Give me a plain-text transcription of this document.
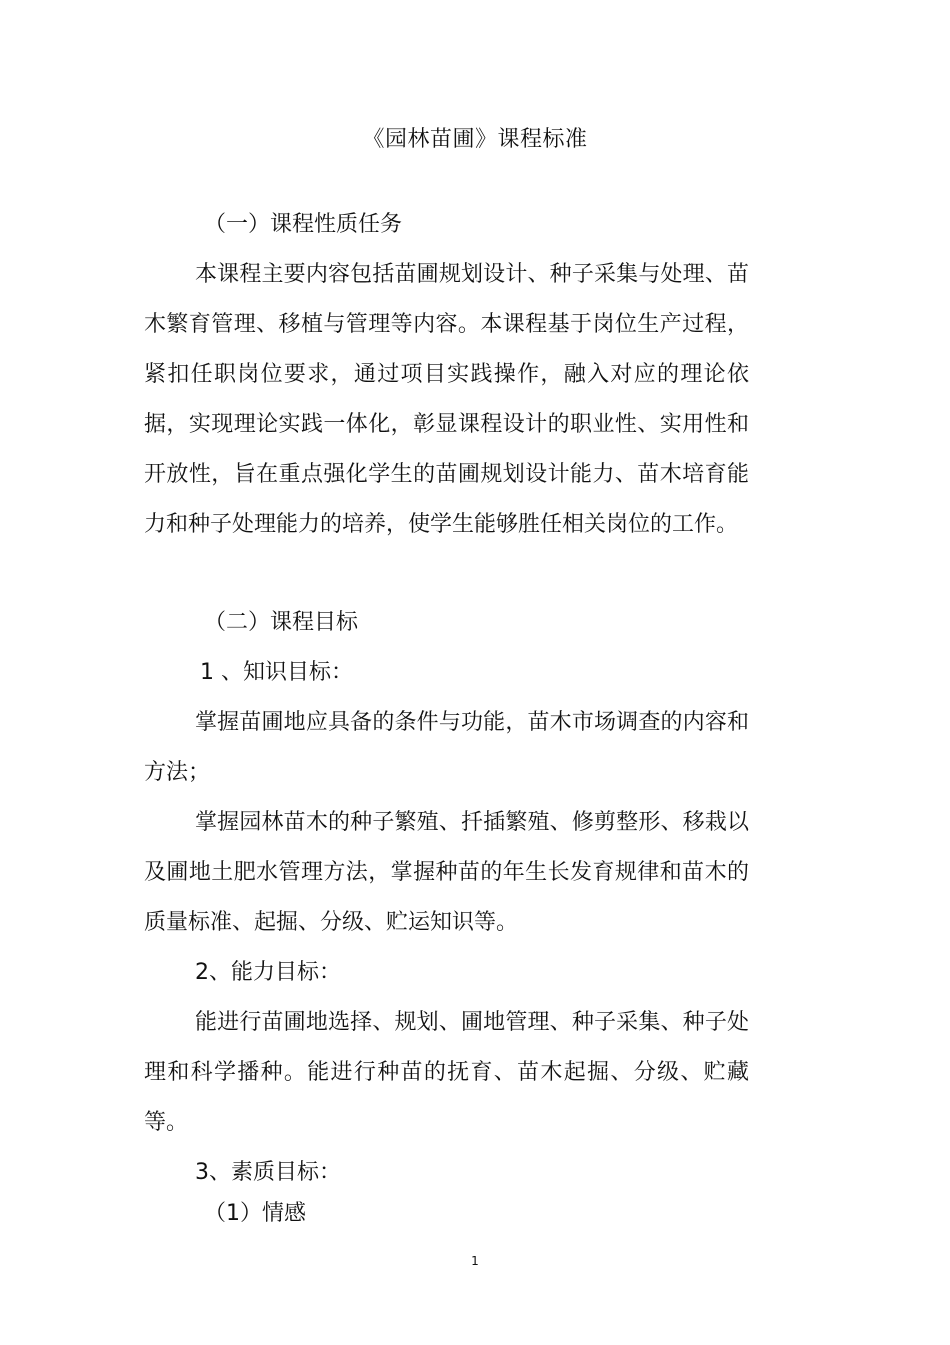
《园林苗圃》课程标准
（一）课程性质任务

本课程主要内容包括苗圃规划设计、种子采集与处理、苗木繁育管理、移植与管理等内容。本课程基于岗位生产过程，紧扣任职岗位要求，通过项目实践操作，融入对应的理论依据，实现理论实践一体化，彰显课程设计的职业性、实用性和开放性，旨在重点强化学生的苗圃规划设计能力、苗木培育能力和种子处理能力的培养，使学生能够胜任相关岗位的工作。

（二）课程目标
1 、知识目标：

掌握苗圃地应具备的条件与功能，苗木市场调查的内容和方法；

掌握园林苗木的种子繁殖、扦插繁殖、修剪整形、移栽以及圃地土肥水管理方法，掌握种苗的年生长发育规律和苗木的质量标准、起掘、分级、贮运知识等。

2、能力目标：

能进行苗圃地选择、规划、圃地管理、种子采集、种子处理和科学播种。能进行种苗的抚育、苗木起掘、分级、贮藏等。

3、素质目标：
（1）情感
1
